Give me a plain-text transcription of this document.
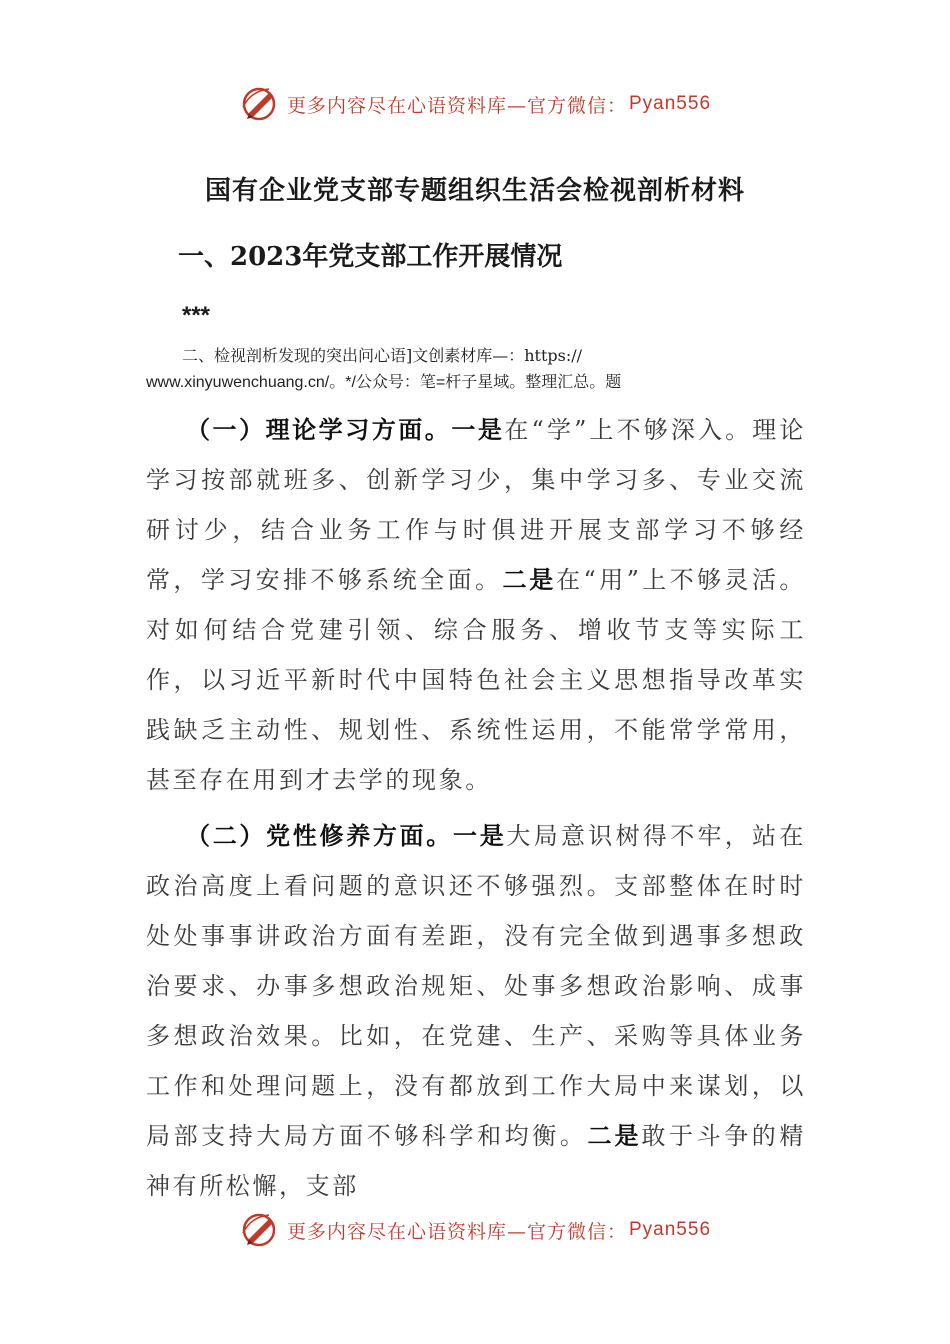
更多内容尽在心语资料库—官方微信： Pyan556
国有企业党支部专题组织生活会检视剖析材料
一、2023年党支部工作开展情况
***
二、检视剖析发现的突出问心语]文创素材库—：https://
www.xinyuwenchuang.cn/。*/公众号：笔=杆子星域。整理汇总。题
（一）理论学习方面。一是在“学”上不够深入。理论学习按部就班多、创新学习少，集中学习多、专业交流研讨少，结合业务工作与时俱进开展支部学习不够经常，学习安排不够系统全面。二是在“用”上不够灵活。对如何结合党建引领、综合服务、增收节支等实际工作，以习近平新时代中国特色社会主义思想指导改革实践缺乏主动性、规划性、系统性运用，不能常学常用，甚至存在用到才去学的现象。
（二）党性修养方面。一是大局意识树得不牢，站在政治高度上看问题的意识还不够强烈。支部整体在时时处处事事讲政治方面有差距，没有完全做到遇事多想政治要求、办事多想政治规矩、处事多想政治影响、成事多想政治效果。比如，在党建、生产、采购等具体业务工作和处理问题上，没有都放到工作大局中来谋划，以局部支持大局方面不够科学和均衡。二是敢于斗争的精神有所松懈，支部
更多内容尽在心语资料库—官方微信： Pyan556
